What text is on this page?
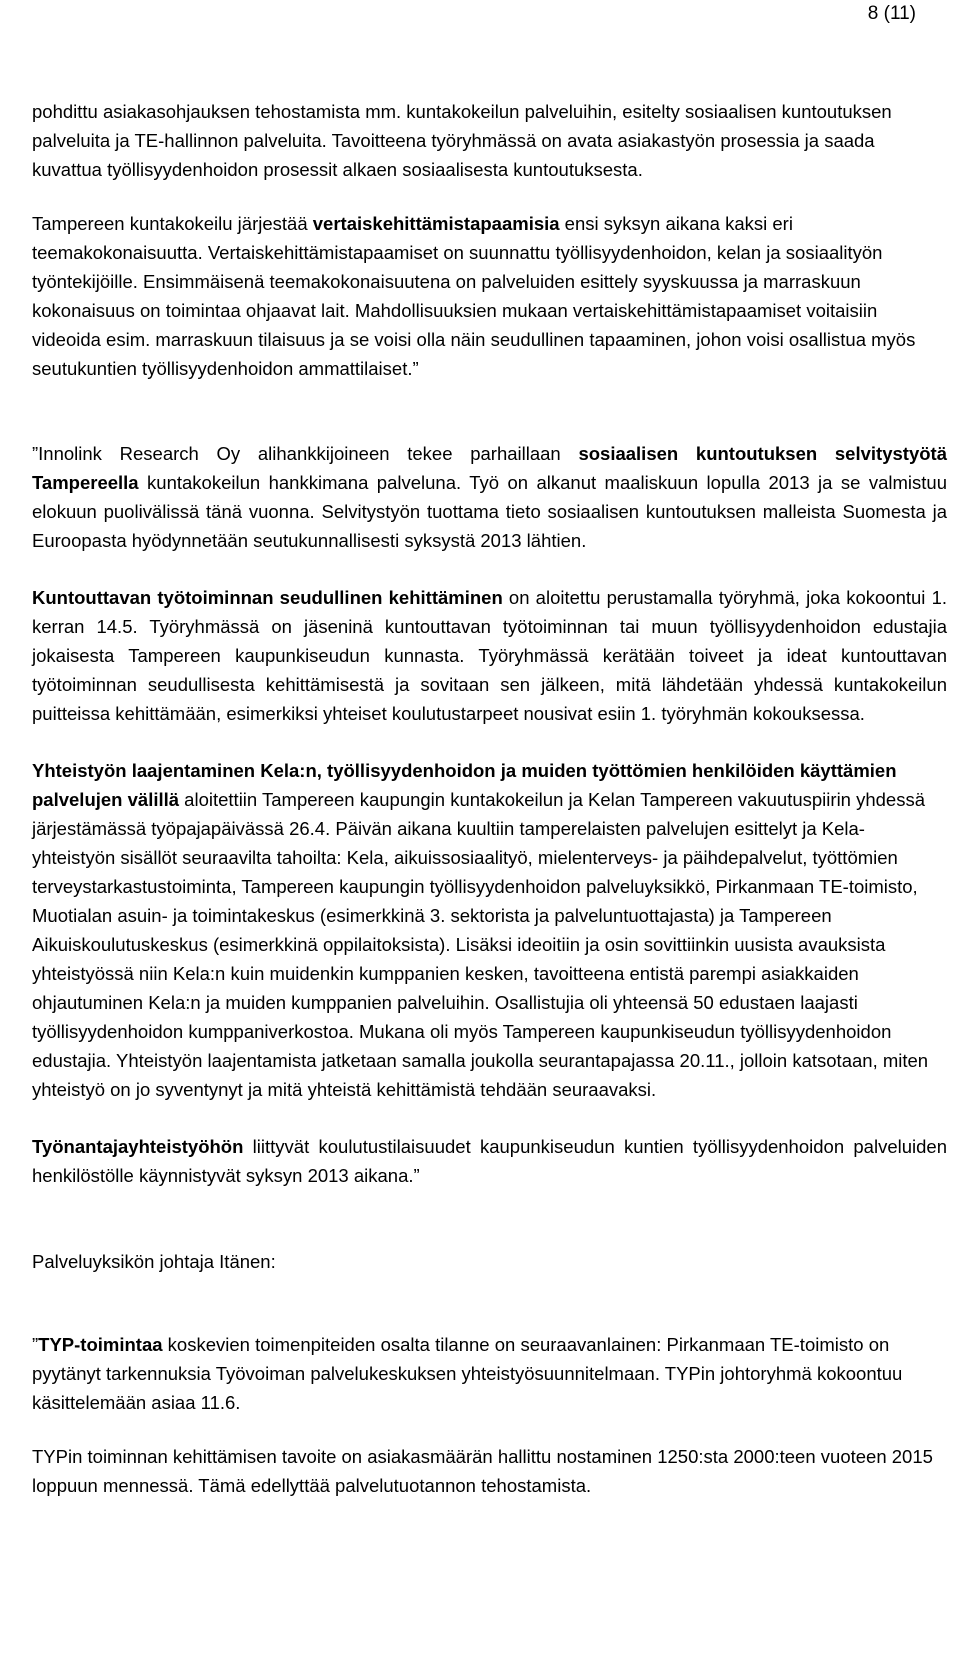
8 (11)

pohdittu asiakasohjauksen tehostamista mm. kuntakokeilun palveluihin, esitelty sosiaalisen kuntoutuksen palveluita ja TE-hallinnon palveluita. Tavoitteena työryhmässä on avata asiakastyön prosessia ja saada kuvattua työllisyydenhoidon prosessit alkaen sosiaalisesta kuntoutuksesta.

Tampereen kuntakokeilu järjestää vertaiskehittämistapaamisia ensi syksyn aikana kaksi eri teemakokonaisuutta. Vertaiskehittämistapaamiset on suunnattu työllisyydenhoidon, kelan ja sosiaalityön työntekijöille. Ensimmäisenä teemakokonaisuutena on palveluiden esittely syyskuussa ja marraskuun kokonaisuus on toimintaa ohjaavat lait. Mahdollisuuksien mukaan vertaiskehittämistapaamiset voitaisiin videoida esim. marraskuun tilaisuus ja se voisi olla näin seudullinen tapaaminen, johon voisi osallistua myös seutukuntien työllisyydenhoidon ammattilaiset.”

”Innolink Research Oy alihankkijoineen tekee parhaillaan sosiaalisen kuntoutuksen selvitystyötä Tampereella kuntakokeilun hankkimana palveluna. Työ on alkanut maaliskuun lopulla 2013 ja se valmistuu elokuun puolivälissä tänä vuonna. Selvitystyön tuottama tieto sosiaalisen kuntoutuksen malleista Suomesta ja Euroopasta hyödynnetään seutukunnallisesti syksystä 2013 lähtien.

Kuntouttavan työtoiminnan seudullinen kehittäminen on aloitettu perustamalla työryhmä, joka kokoontui 1. kerran 14.5. Työryhmässä on jäseninä kuntouttavan työtoiminnan tai muun työllisyydenhoidon edustajia jokaisesta Tampereen kaupunkiseudun kunnasta. Työryhmässä kerätään toiveet ja ideat kuntouttavan työtoiminnan seudullisesta kehittämisestä ja sovitaan sen jälkeen, mitä lähdetään yhdessä kuntakokeilun puitteissa kehittämään, esimerkiksi yhteiset koulutustarpeet nousivat esiin 1. työryhmän kokouksessa.

Yhteistyön laajentaminen Kela:n, työllisyydenhoidon ja muiden työttömien henkilöiden käyttämien palvelujen välillä aloitettiin Tampereen kaupungin kuntakokeilun ja Kelan Tampereen vakuutuspiirin yhdessä järjestämässä työpajapäivässä 26.4. Päivän aikana kuultiin tamperelaisten palvelujen esittelyt ja Kela-yhteistyön sisällöt seuraavilta tahoilta: Kela, aikuissosiaalityö, mielenterveys- ja päihdepalvelut, työttömien terveystarkastustoiminta, Tampereen kaupungin työllisyydenhoidon palveluyksikkö, Pirkanmaan TE-toimisto, Muotialan asuin- ja toimintakeskus (esimerkkinä 3. sektorista ja palveluntuottajasta) ja Tampereen Aikuiskoulutuskeskus (esimerkkinä oppilaitoksista). Lisäksi ideoitiin ja osin sovittiinkin uusista avauksista yhteistyössä niin Kela:n kuin muidenkin kumppanien kesken, tavoitteena entistä parempi asiakkaiden ohjautuminen Kela:n ja muiden kumppanien palveluihin. Osallistujia oli yhteensä 50 edustaen laajasti työllisyydenhoidon kumppaniverkostoa. Mukana oli myös Tampereen kaupunkiseudun työllisyydenhoidon edustajia. Yhteistyön laajentamista jatketaan samalla joukolla seurantapajassa 20.11., jolloin katsotaan, miten yhteistyö on jo syventynyt ja mitä yhteistä kehittämistä tehdään seuraavaksi.

Työnantajayhteistyöhön liittyvät koulutustilaisuudet kaupunkiseudun kuntien työllisyydenhoidon palveluiden henkilöstölle käynnistyvät syksyn 2013 aikana.”

Palveluyksikön johtaja Itänen:

”TYP-toimintaa koskevien toimenpiteiden osalta tilanne on seuraavanlainen: Pirkanmaan TE-toimisto on pyytänyt tarkennuksia Työvoiman palvelukeskuksen yhteistyösuunnitelmaan. TYPin johtoryhmä kokoontuu käsittelemään asiaa 11.6.

TYPin toiminnan kehittämisen tavoite on asiakasmäärän hallittu nostaminen 1250:sta 2000:teen vuoteen 2015 loppuun mennessä. Tämä edellyttää palvelutuotannon tehostamista.
